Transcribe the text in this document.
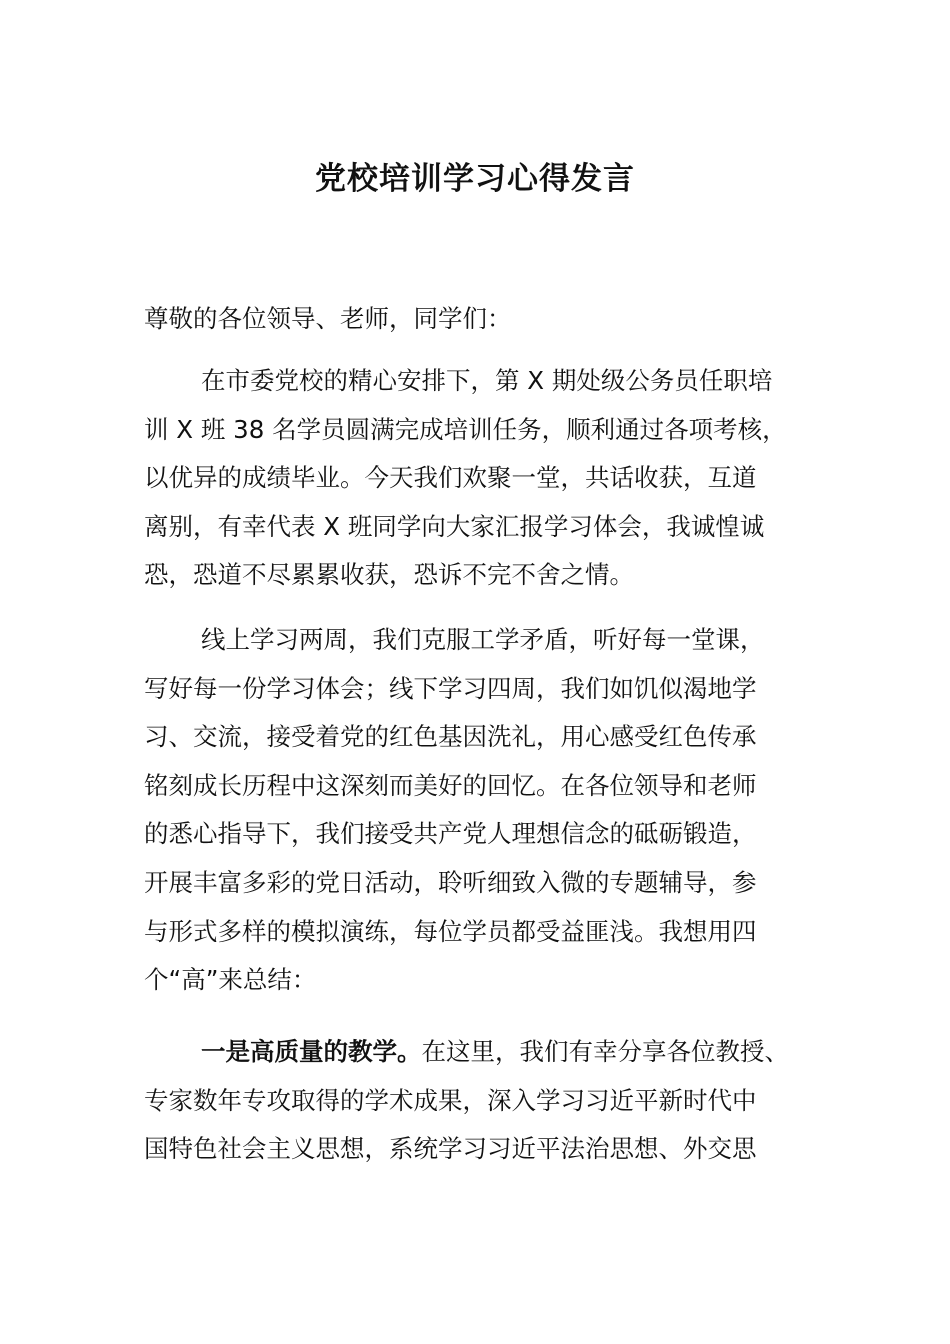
党校培训学习心得发言
尊敬的各位领导、老师，同学们：
在市委党校的精心安排下，第 X 期处级公务员任职培
训 X 班 38 名学员圆满完成培训任务，顺利通过各项考核，
以优异的成绩毕业。今天我们欢聚一堂，共话收获，互道
离别，有幸代表 X 班同学向大家汇报学习体会，我诚惶诚
恐，恐道不尽累累收获，恐诉不完不舍之情。
线上学习两周，我们克服工学矛盾，听好每一堂课，
写好每一份学习体会；线下学习四周，我们如饥似渴地学
习、交流，接受着党的红色基因洗礼，用心感受红色传承
铭刻成长历程中这深刻而美好的回忆。在各位领导和老师
的悉心指导下，我们接受共产党人理想信念的砥砺锻造，
开展丰富多彩的党日活动，聆听细致入微的专题辅导，参
与形式多样的模拟演练，每位学员都受益匪浅。我想用四
个“高”来总结：
一是高质量的教学。在这里，我们有幸分享各位教授、
专家数年专攻取得的学术成果，深入学习习近平新时代中
国特色社会主义思想，系统学习习近平法治思想、外交思
